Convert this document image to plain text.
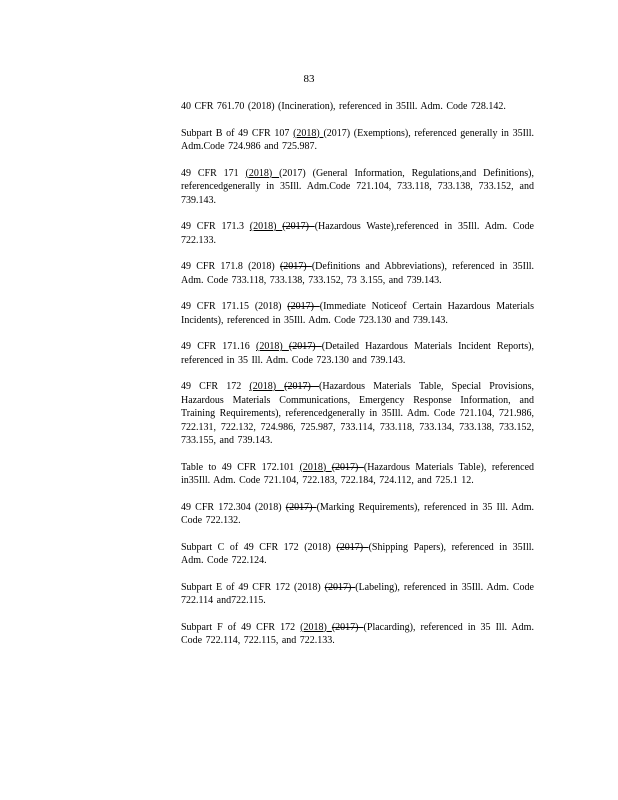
83

40 CFR 761.70 (2018) (Incineration), referenced in 35Ill. Adm. Code 728.142.

Subpart B of 49 CFR 107 (2018) (2017) (Exemptions), referenced generally in 35Ill. Adm.Code 724.986 and 725.987.

49 CFR 171 (2018) (2017) (General Information, Regulations,and Definitions), referencedgenerally in 35Ill. Adm.Code 721.104, 733.118, 733.138, 733.152, and 739.143.

49 CFR 171.3 (2018) (2017) (Hazardous Waste),referenced in 35Ill. Adm. Code 722.133.

49 CFR 171.8 (2018) (2017) (Definitions and Abbreviations), referenced in 35Ill. Adm. Code 733.118, 733.138, 733.152, 73 3.155, and 739.143.

49 CFR 171.15 (2018) (2017) (Immediate Noticeof Certain Hazardous Materials Incidents), referenced in 35Ill. Adm. Code 723.130 and 739.143.

49 CFR 171.16 (2018) (2017) (Detailed Hazardous Materials Incident Reports), referenced in 35 Ill. Adm. Code 723.130 and 739.143.

49 CFR 172 (2018) (2017) (Hazardous Materials Table, Special Provisions, Hazardous Materials Communications, Emergency Response Information, and Training Requirements), referencedgenerally in 35Ill. Adm. Code 721.104, 721.986, 722.131, 722.132, 724.986, 725.987, 733.114, 733.118, 733.134, 733.138, 733.152, 733.155, and 739.143.

Table to 49 CFR 172.101 (2018) (2017) (Hazardous Materials Table), referenced in35Ill. Adm. Code 721.104, 722.183, 722.184, 724.112, and 725.1 12.

49 CFR 172.304 (2018) (2017) (Marking Requirements), referenced in 35 Ill. Adm. Code 722.132.

Subpart C of 49 CFR 172 (2018) (2017) (Shipping Papers), referenced in 35Ill. Adm. Code 722.124.

Subpart E of 49 CFR 172 (2018) (2017) (Labeling), referenced in 35Ill. Adm. Code 722.114 and722.115.

Subpart F of 49 CFR 172 (2018) (2017) (Placarding), referenced in 35 Ill. Adm. Code 722.114, 722.115, and 722.133.
